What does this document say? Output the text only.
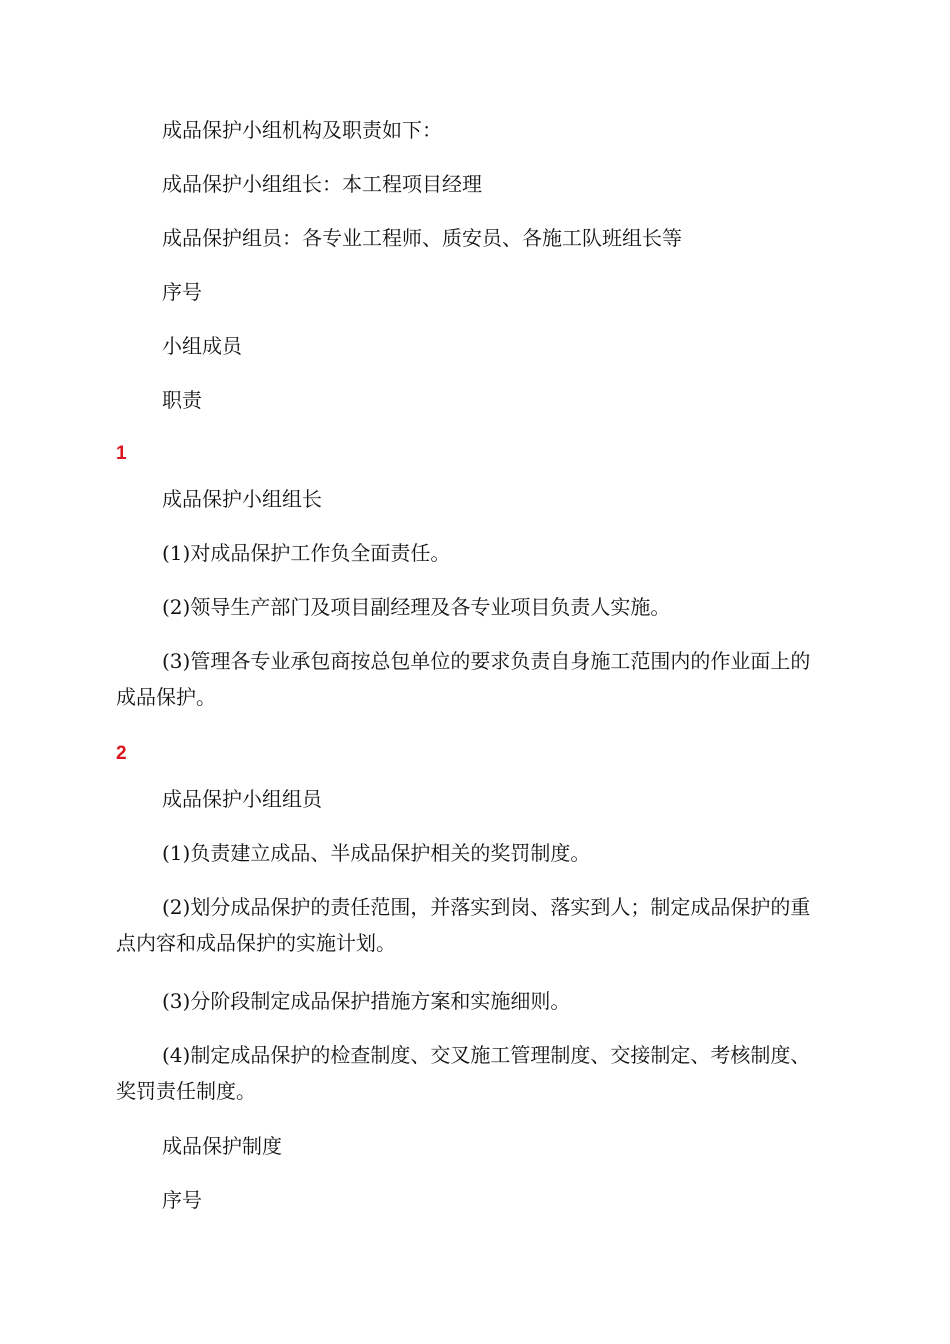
成品保护小组机构及职责如下：

成品保护小组组长：本工程项目经理

成品保护组员：各专业工程师、质安员、各施工队班组长等

序号

小组成员

职责

1

成品保护小组组长

(1)对成品保护工作负全面责任。

(2)领导生产部门及项目副经理及各专业项目负责人实施。

(3)管理各专业承包商按总包单位的要求负责自身施工范围内的作业面上的成品保护。

2

成品保护小组组员

(1)负责建立成品、半成品保护相关的奖罚制度。

(2)划分成品保护的责任范围，并落实到岗、落实到人；制定成品保护的重点内容和成品保护的实施计划。

(3)分阶段制定成品保护措施方案和实施细则。

(4)制定成品保护的检查制度、交叉施工管理制度、交接制定、考核制度、奖罚责任制度。

成品保护制度

序号
